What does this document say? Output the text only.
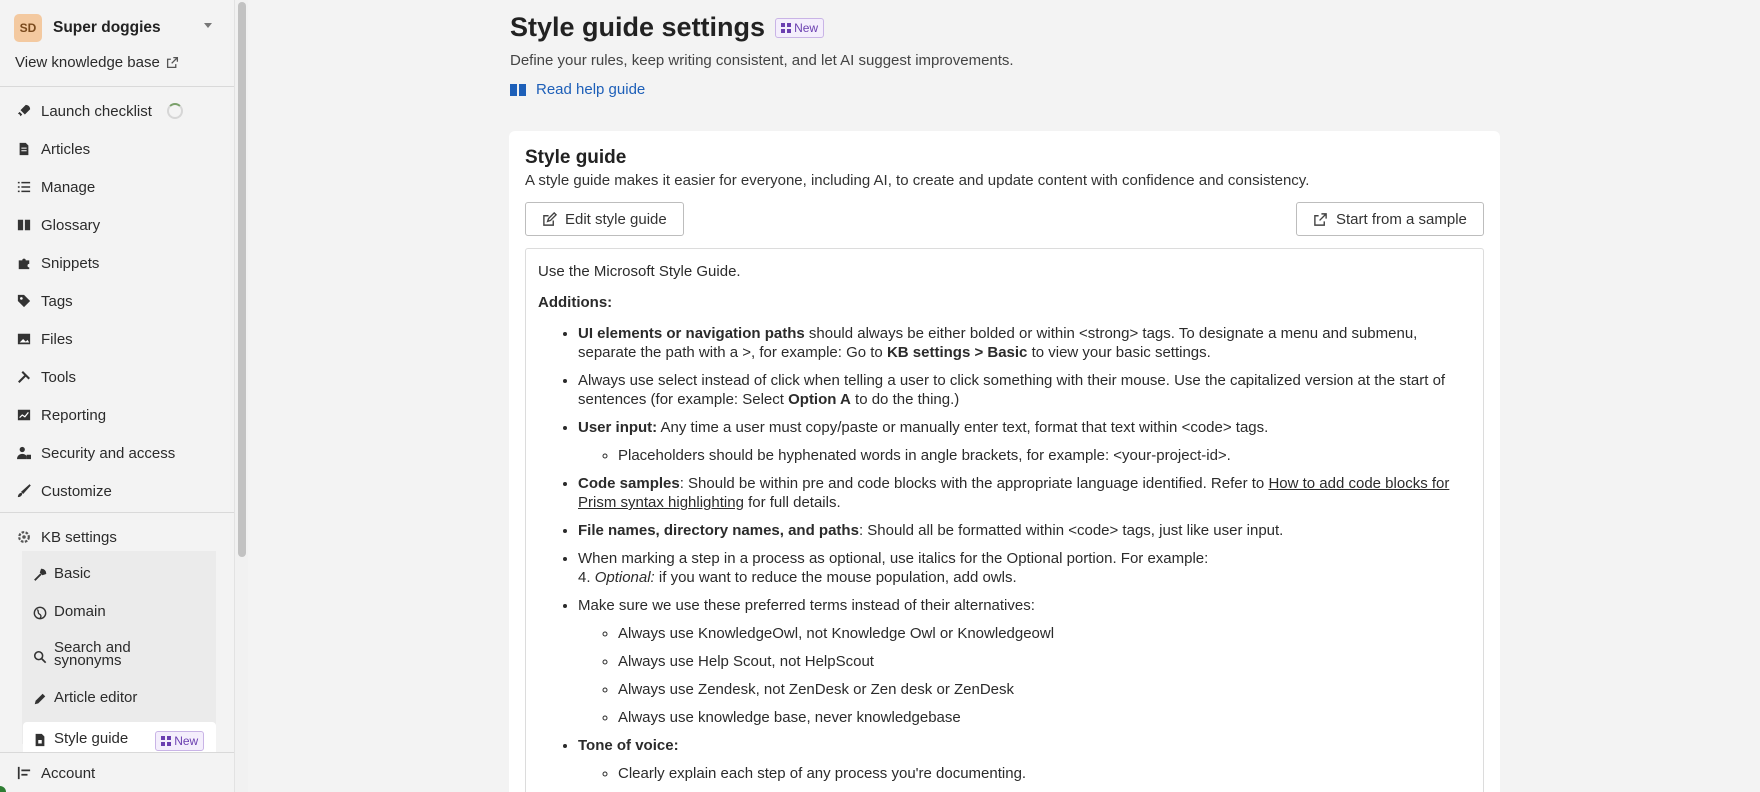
SD	Super doggies
View knowledge base
Launch checklist
Articles
Manage
Glossary
Snippets
Tags
Files
Tools
Reporting
Security and access
Customize
KB settings
Basic
Domain
Search and synonyms
Article editor
Style guide	New
Account
Style guide settings New
Define your rules, keep writing consistent, and let AI suggest improvements.
Read help guide
Style guide
A style guide makes it easier for everyone, including AI, to create and update content with confidence and consistency.
Edit style guide	Start from a sample

Use the Microsoft Style Guide.

Additions:

• UI elements or navigation paths should always be either bolded or within <strong> tags. To designate a menu and submenu, separate the path with a >, for example: Go to KB settings > Basic to view your basic settings.
• Always use select instead of click when telling a user to click something with their mouse. Use the capitalized version at the start of sentences (for example: Select Option A to do the thing.)
• User input: Any time a user must copy/paste or manually enter text, format that text within <code> tags.
◦ Placeholders should be hyphenated words in angle brackets, for example: <your-project-id>.
• Code samples: Should be within pre and code blocks with the appropriate language identified. Refer to How to add code blocks for Prism syntax highlighting for full details.
• File names, directory names, and paths: Should all be formatted within <code> tags, just like user input.
• When marking a step in a process as optional, use italics for the Optional portion. For example:
4. Optional: if you want to reduce the mouse population, add owls.
• Make sure we use these preferred terms instead of their alternatives:
◦ Always use KnowledgeOwl, not Knowledge Owl or Knowledgeowl
◦ Always use Help Scout, not HelpScout
◦ Always use Zendesk, not ZenDesk or Zen desk or ZenDesk
◦ Always use knowledge base, never knowledgebase
• Tone of voice:
◦ Clearly explain each step of any process you're documenting.
